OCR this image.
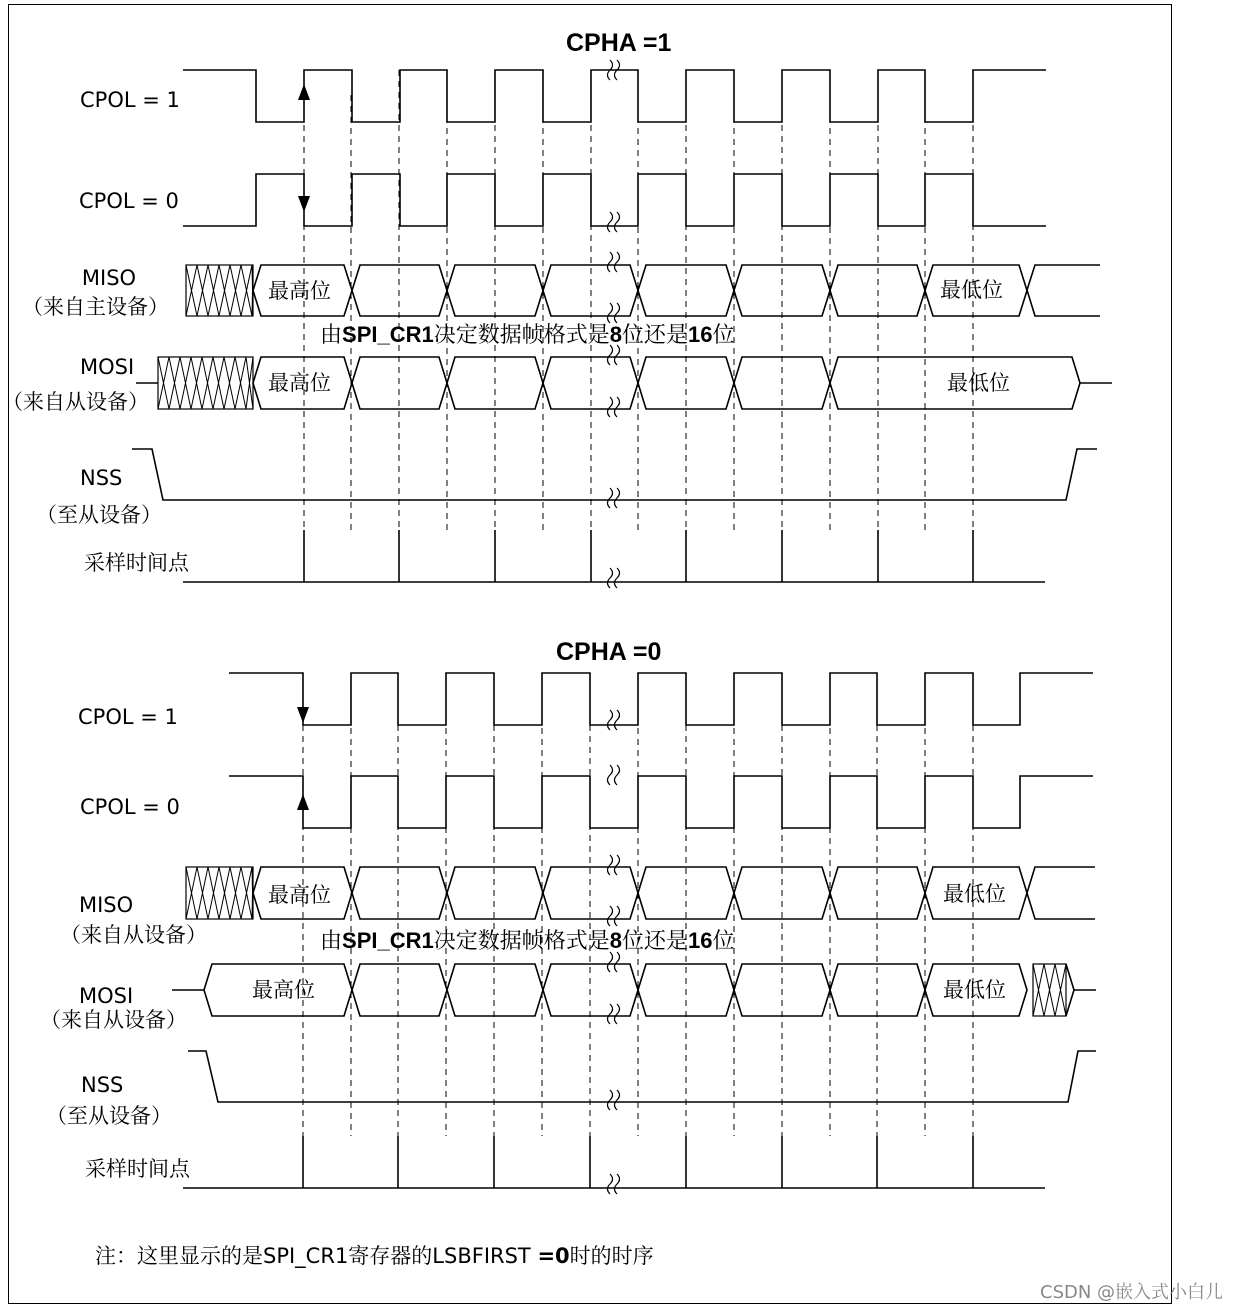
CPHA =1
CPOL = 1
CPOL = 0
MISO
（来自主设备）
MOSI
（来自从设备）
NSS
（至从设备）
采样时间点
最高位	最低位
最高位	最低位
由SPI_CR1决定数据帧格式是8位还是16位
CPHA =0
CPOL = 1
CPOL = 0
MISO
（来自从设备）
MOSI
（来自从设备）
NSS
（至从设备）
采样时间点
最高位	最低位
最高位	最低位
由SPI_CR1决定数据帧格式是8位还是16位
注：这里显示的是SPI_CR1寄存器的LSBFIRST =0时的时序
CSDN @嵌入式小白儿
